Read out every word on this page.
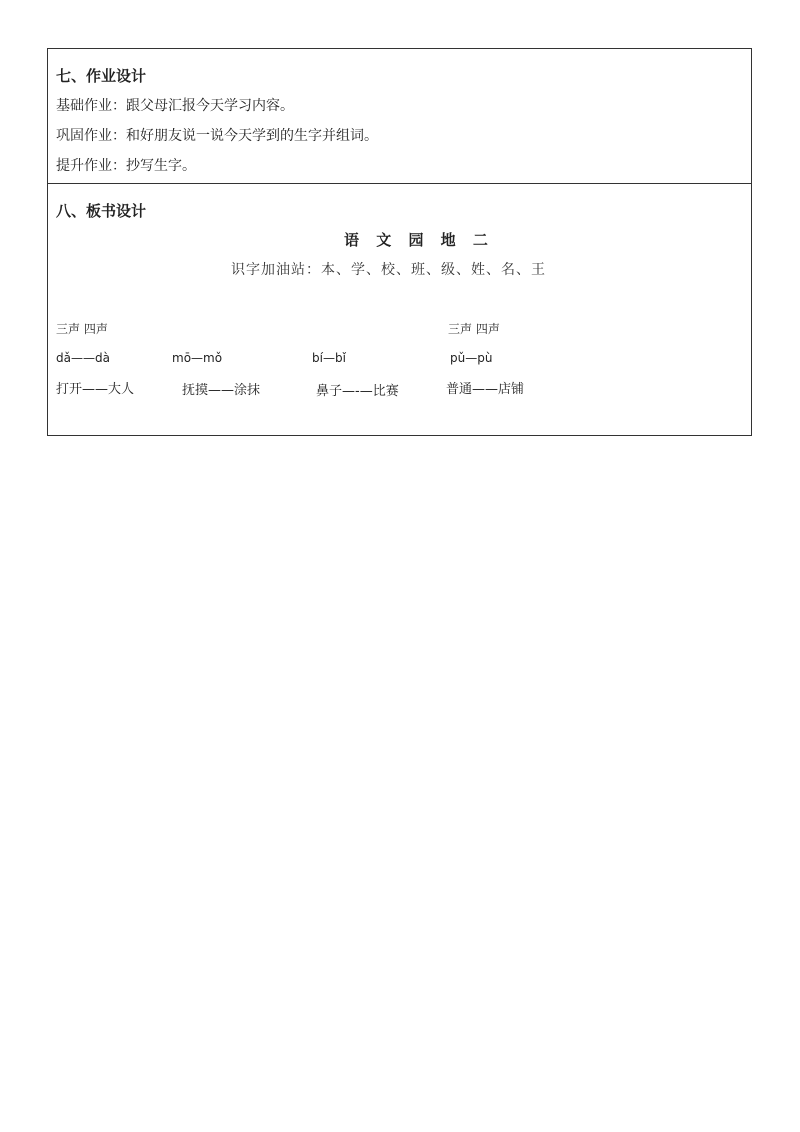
七、作业设计
基础作业：跟父母汇报今天学习内容。
巩固作业：和好朋友说一说今天学到的生字并组词。
提升作业：抄写生字。
八、板书设计
语 文 园 地 二
识字加油站：本、学、校、班、级、姓、名、王
三声 四声	三声 四声
dǎ——dà	mō—mǒ	bí—bǐ	pǔ—pù
打开——大人	抚摸——涂抹	鼻子—-—比赛	普通——店铺
